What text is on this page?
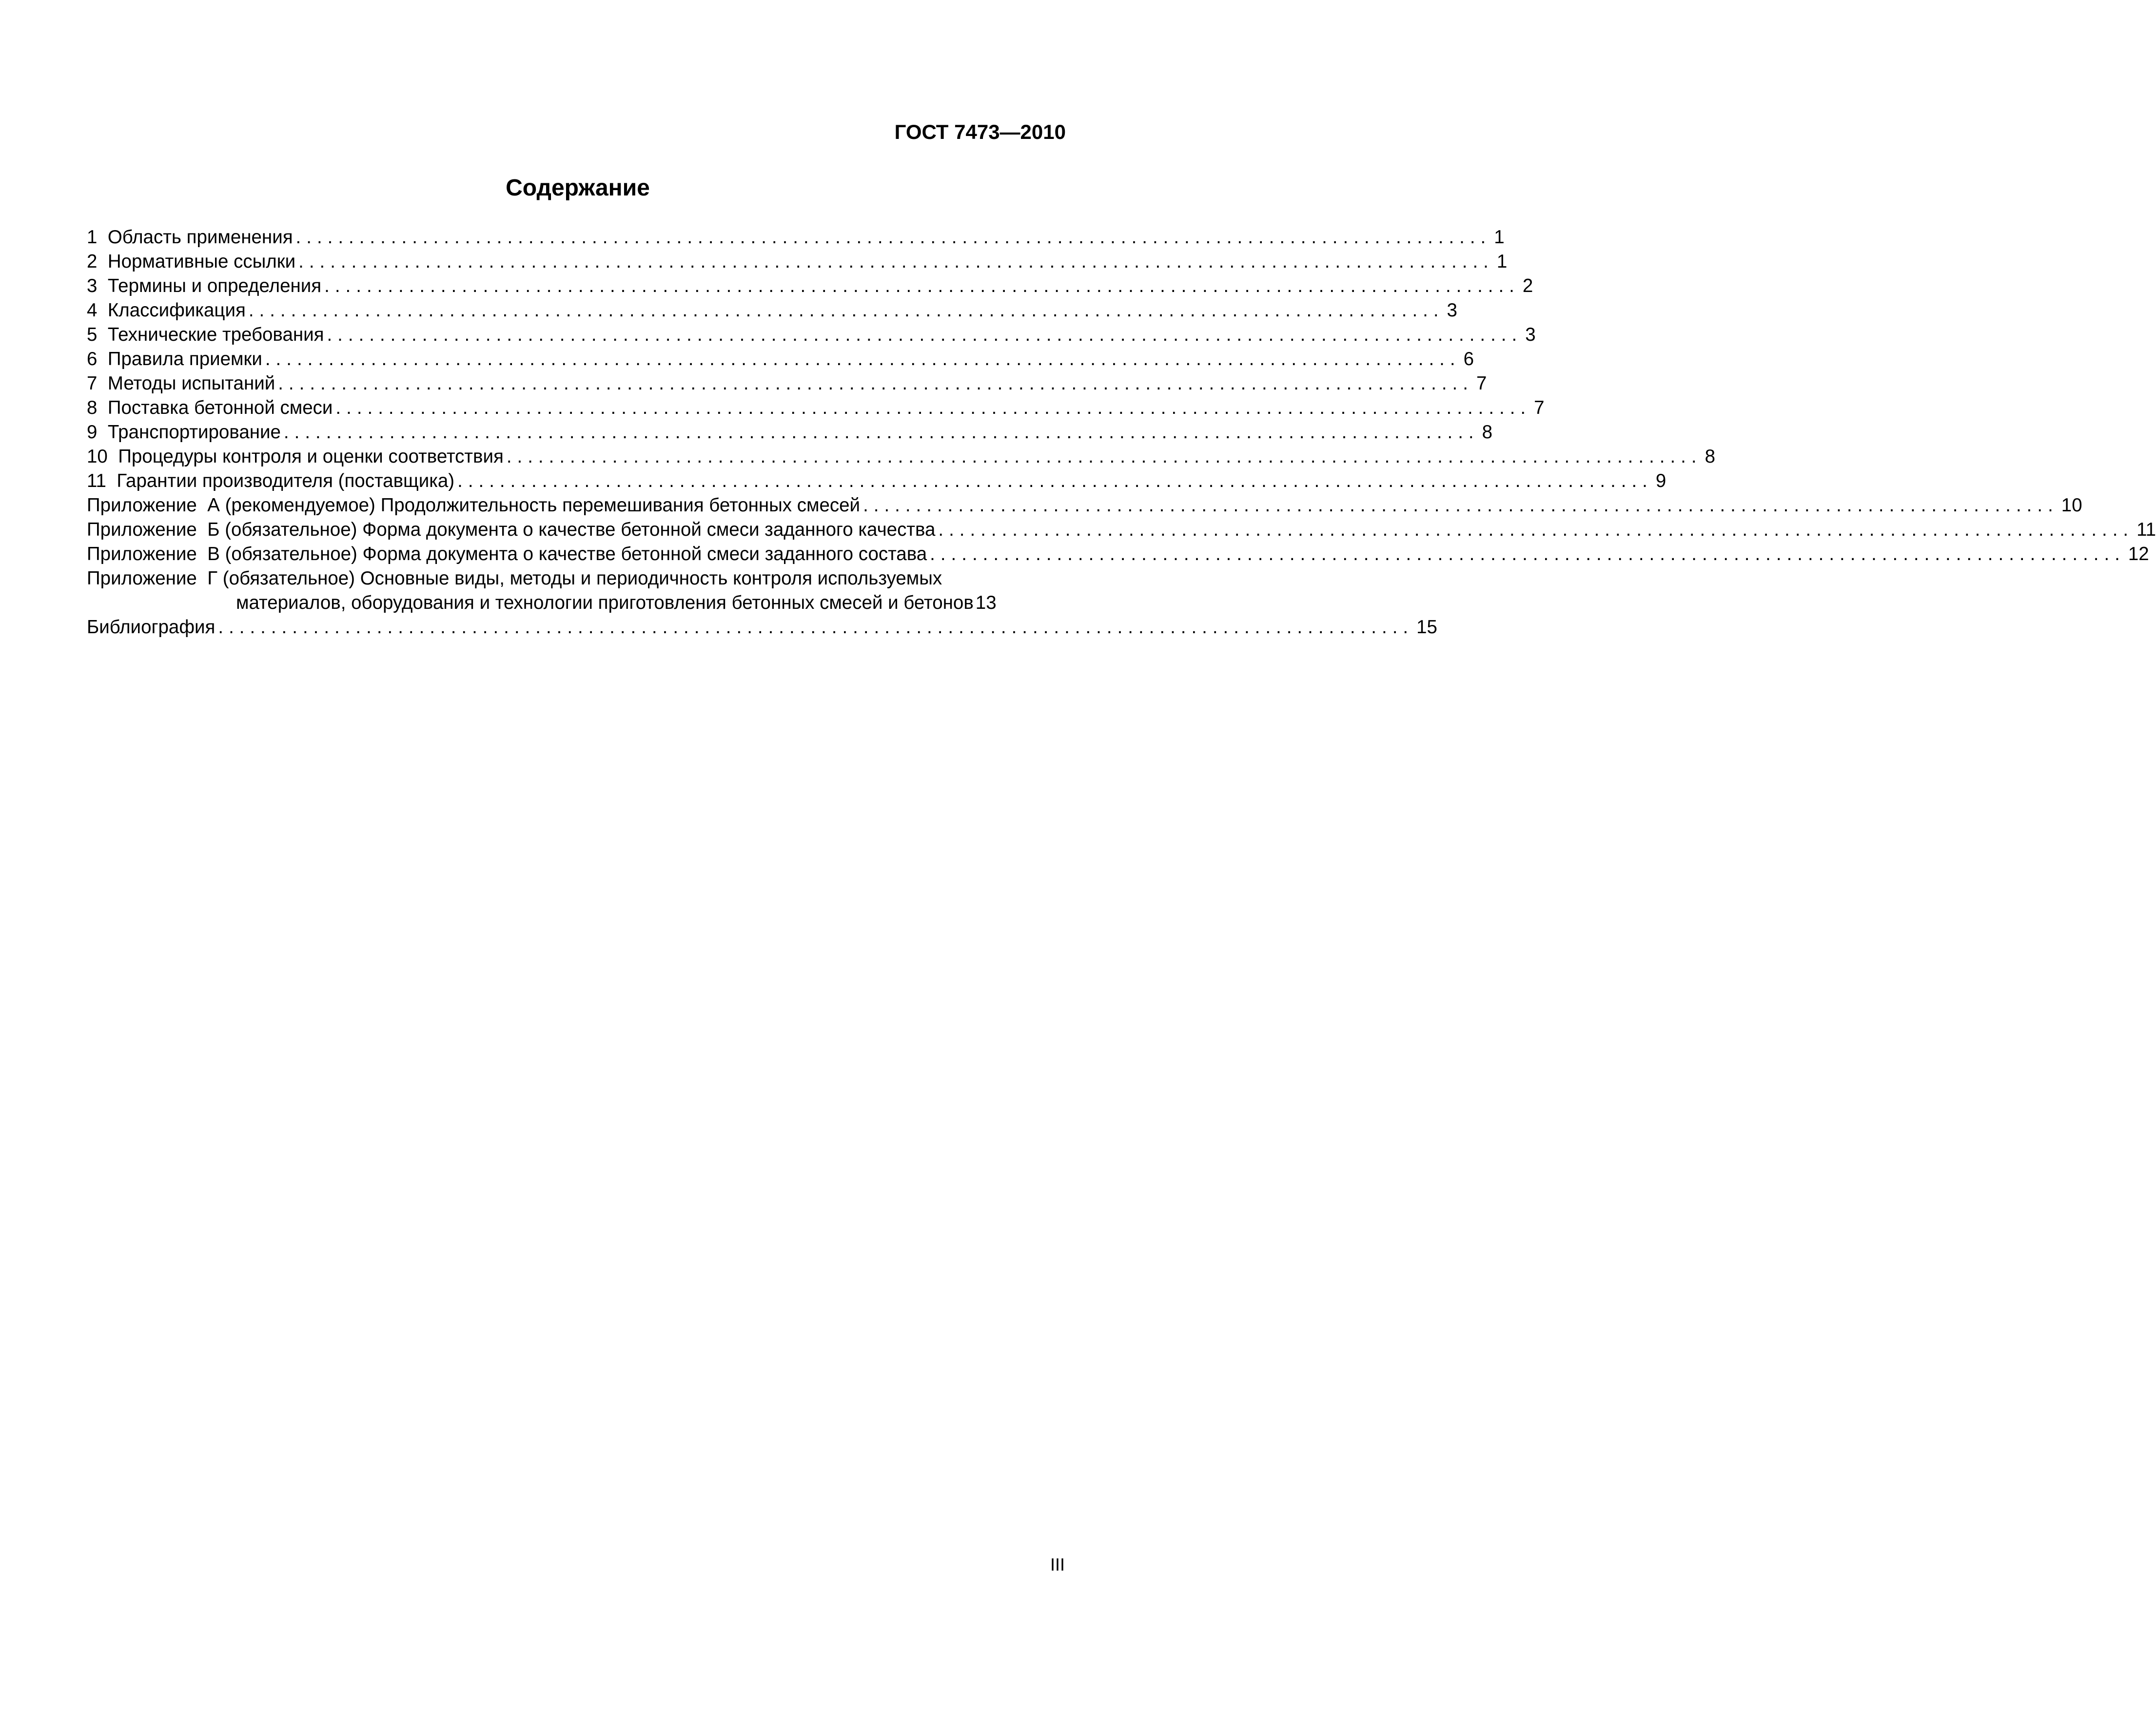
ГОСТ 7473—2010
Содержание
1
Область применения ................................................................................................................. 1
2
Нормативные ссылки ................................................................................................................. 1
3
Термины и определения ................................................................................................................. 2
4
Классификация ................................................................................................................. 3
5
Технические требования ................................................................................................................. 3
6
Правила приемки ................................................................................................................. 6
7
Методы испытаний ................................................................................................................. 7
8
Поставка бетонной смеси ................................................................................................................. 7
9
Транспортирование ................................................................................................................. 8
10
Процедуры контроля и оценки соответствия ................................................................................................................. 8
11
Гарантии производителя (поставщика) ................................................................................................................. 9
Приложение  А
(рекомендуемое) Продолжительность перемешивания бетонных смесей ................................................................................................................. 10
Приложение  Б
(обязательное) Форма документа о качестве бетонной смеси заданного качества ................................................................................................................. 11
Приложение  В
(обязательное) Форма документа о качестве бетонной смеси заданного состава ................................................................................................................. 12
Приложение  Г
(обязательное) Основные виды, методы и периодичность контроля используемых
материалов, оборудования и технологии приготовления бетонных смесей и бетонов 13
Библиография ................................................................................................................. 15
III
